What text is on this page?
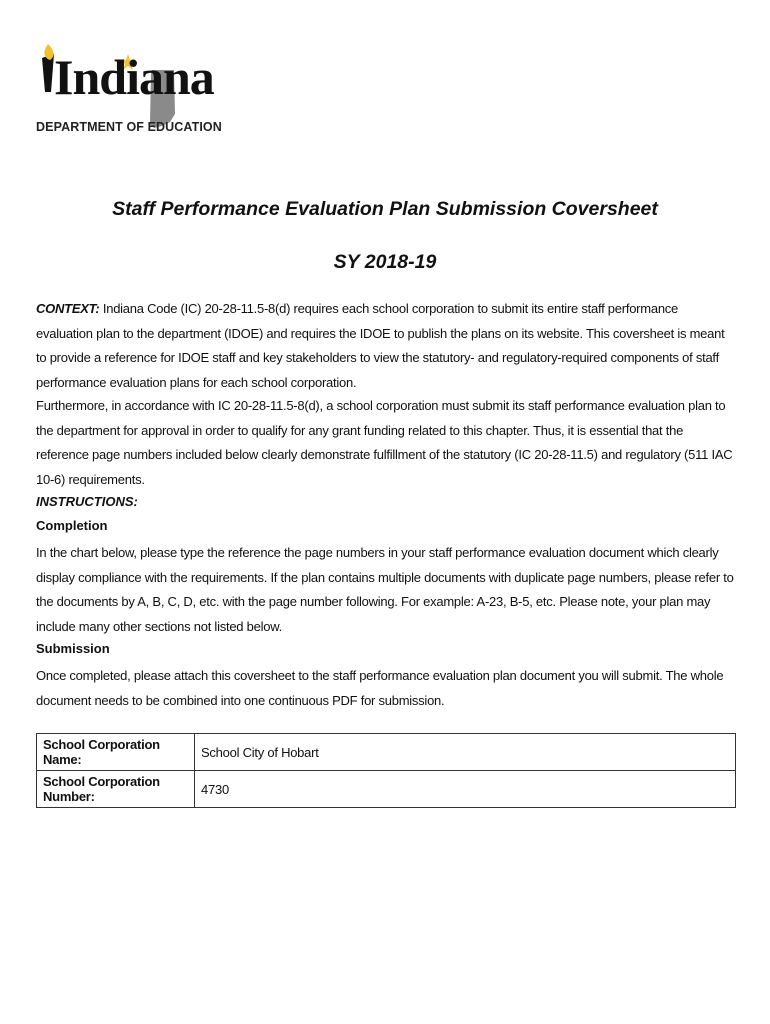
Indiana
DEPARTMENT OF EDUCATION
Staff Performance Evaluation Plan Submission Coversheet
SY 2018-19
CONTEXT: Indiana Code (IC) 20-28-11.5-8(d) requires each school corporation to submit its entire staff performance evaluation plan to the department (IDOE) and requires the IDOE to publish the plans on its website. This coversheet is meant to provide a reference for IDOE staff and key stakeholders to view the statutory- and regulatory-required components of staff performance evaluation plans for each school corporation.
Furthermore, in accordance with IC 20-28-11.5-8(d), a school corporation must submit its staff performance evaluation plan to the department for approval in order to qualify for any grant funding related to this chapter. Thus, it is essential that the reference page numbers included below clearly demonstrate fulfillment of the statutory (IC 20-28-11.5) and regulatory (511 IAC 10-6) requirements.
INSTRUCTIONS:
Completion
In the chart below, please type the reference the page numbers in your staff performance evaluation document which clearly display compliance with the requirements. If the plan contains multiple documents with duplicate page numbers, please refer to the documents by A, B, C, D, etc. with the page number following. For example: A-23, B-5, etc. Please note, your plan may include many other sections not listed below.
Submission
Once completed, please attach this coversheet to the staff performance evaluation plan document you will submit. The whole document needs to be combined into one continuous PDF for submission.
School Corporation Name:	School City of Hobart
School Corporation Number:	4730
